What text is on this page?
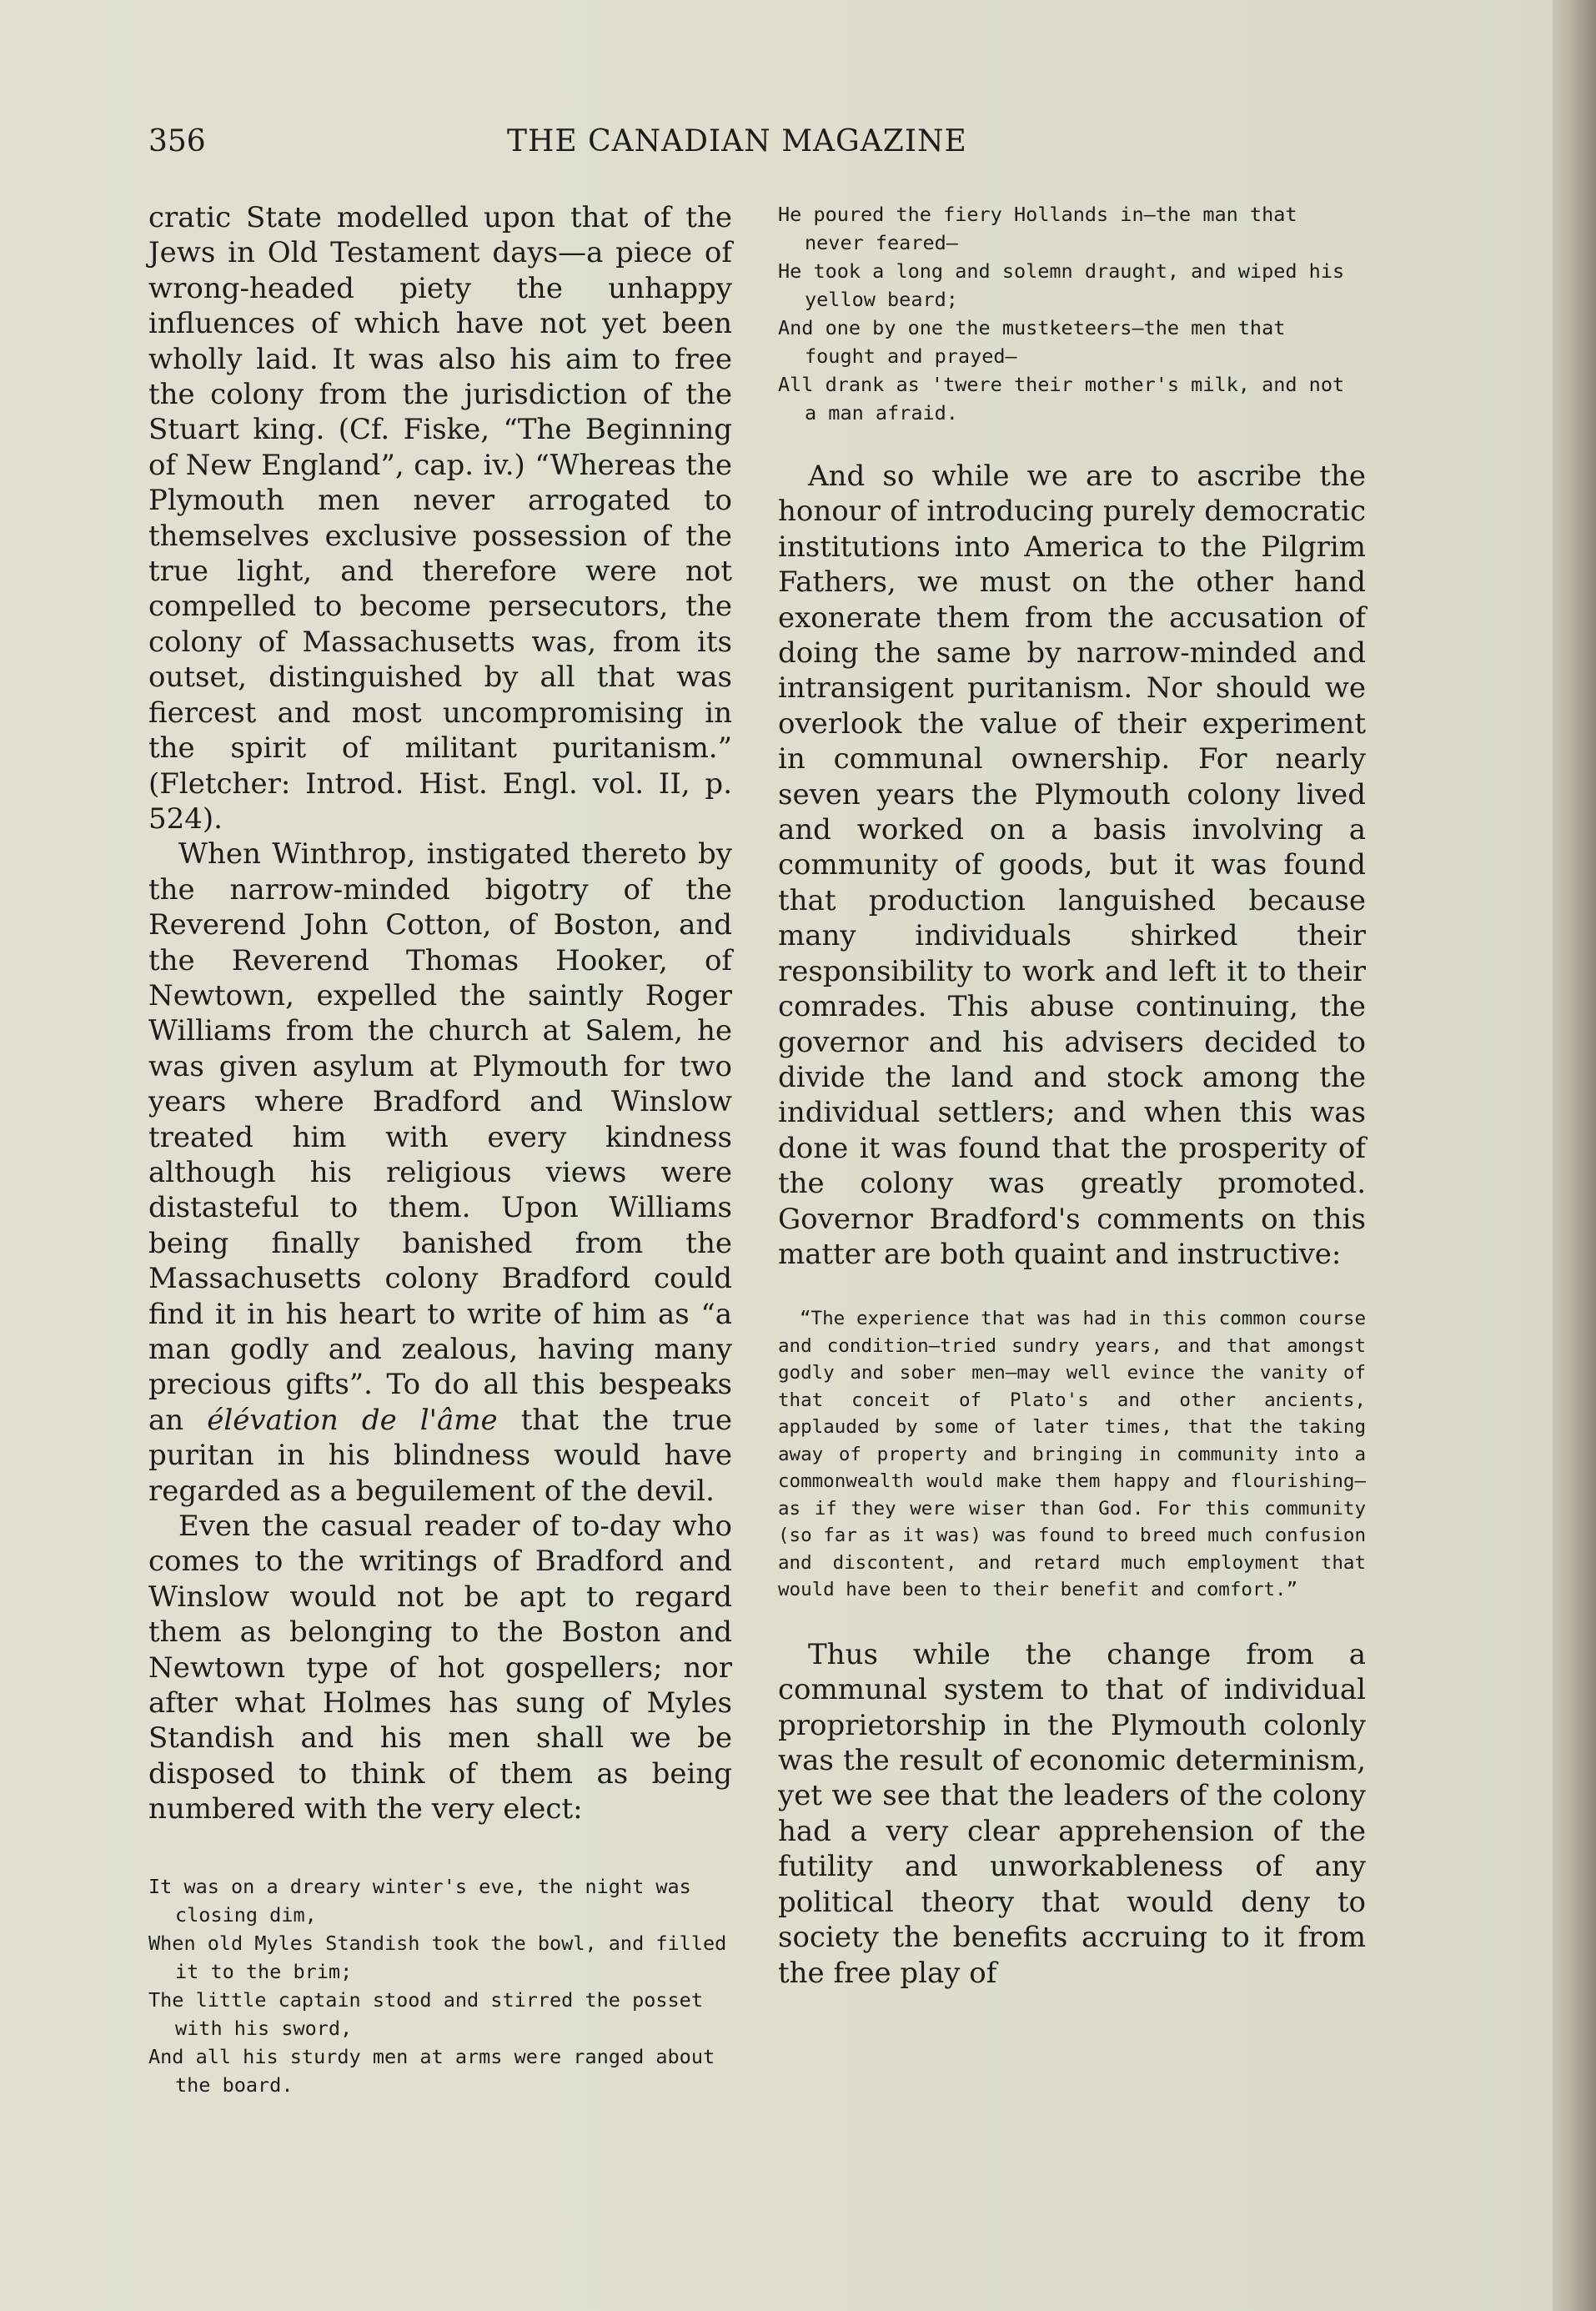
356	THE CANADIAN MAGAZINE

cratic State modelled upon that of the Jews in Old Testament days—a piece of wrong-headed piety the unhappy influences of which have not yet been wholly laid. It was also his aim to free the colony from the jurisdiction of the Stuart king. (Cf. Fiske, “The Beginning of New England”, cap. iv.) “Whereas the Plymouth men never arrogated to themselves exclusive possession of the true light, and therefore were not compelled to become persecutors, the colony of Massachusetts was, from its outset, distinguished by all that was fiercest and most uncompromising in the spirit of militant puritanism.” (Fletcher: Introd. Hist. Engl. vol. II, p. 524).

When Winthrop, instigated thereto by the narrow-minded bigotry of the Reverend John Cotton, of Boston, and the Reverend Thomas Hooker, of Newtown, expelled the saintly Roger Williams from the church at Salem, he was given asylum at Plymouth for two years where Bradford and Winslow treated him with every kindness although his religious views were distasteful to them. Upon Williams being finally banished from the Massachusetts colony Bradford could find it in his heart to write of him as “a man godly and zealous, having many precious gifts”. To do all this bespeaks an élévation de l'âme that the true puritan in his blindness would have regarded as a beguilement of the devil.

Even the casual reader of to-day who comes to the writings of Bradford and Winslow would not be apt to regard them as belonging to the Boston and Newtown type of hot gospellers; nor after what Holmes has sung of Myles Standish and his men shall we be disposed to think of them as being numbered with the very elect:

It was on a dreary winter's eve, the night was closing dim,
When old Myles Standish took the bowl, and filled it to the brim;
The little captain stood and stirred the posset with his sword,
And all his sturdy men at arms were ranged about the board.
He poured the fiery Hollands in—the man that never feared—
He took a long and solemn draught, and wiped his yellow beard;
And one by one the mustketeers—the men that fought and prayed—
All drank as 'twere their mother's milk, and not a man afraid.

And so while we are to ascribe the honour of introducing purely democratic institutions into America to the Pilgrim Fathers, we must on the other hand exonerate them from the accusation of doing the same by narrow-minded and intransigent puritanism. Nor should we overlook the value of their experiment in communal ownership. For nearly seven years the Plymouth colony lived and worked on a basis involving a community of goods, but it was found that production languished because many individuals shirked their responsibility to work and left it to their comrades. This abuse continuing, the governor and his advisers decided to divide the land and stock among the individual settlers; and when this was done it was found that the prosperity of the colony was greatly promoted. Governor Bradford's comments on this matter are both quaint and instructive:

“The experience that was had in this common course and condition—tried sundry years, and that amongst godly and sober men—may well evince the vanity of that conceit of Plato's and other ancients, applauded by some of later times, that the taking away of property and bringing in community into a commonwealth would make them happy and flourishing—as if they were wiser than God. For this community (so far as it was) was found to breed much confusion and discontent, and retard much employment that would have been to their benefit and comfort.”

Thus while the change from a communal system to that of individual proprietorship in the Plymouth colonly was the result of economic determinism, yet we see that the leaders of the colony had a very clear apprehension of the futility and unworkableness of any political theory that would deny to society the benefits accruing to it from the free play of
